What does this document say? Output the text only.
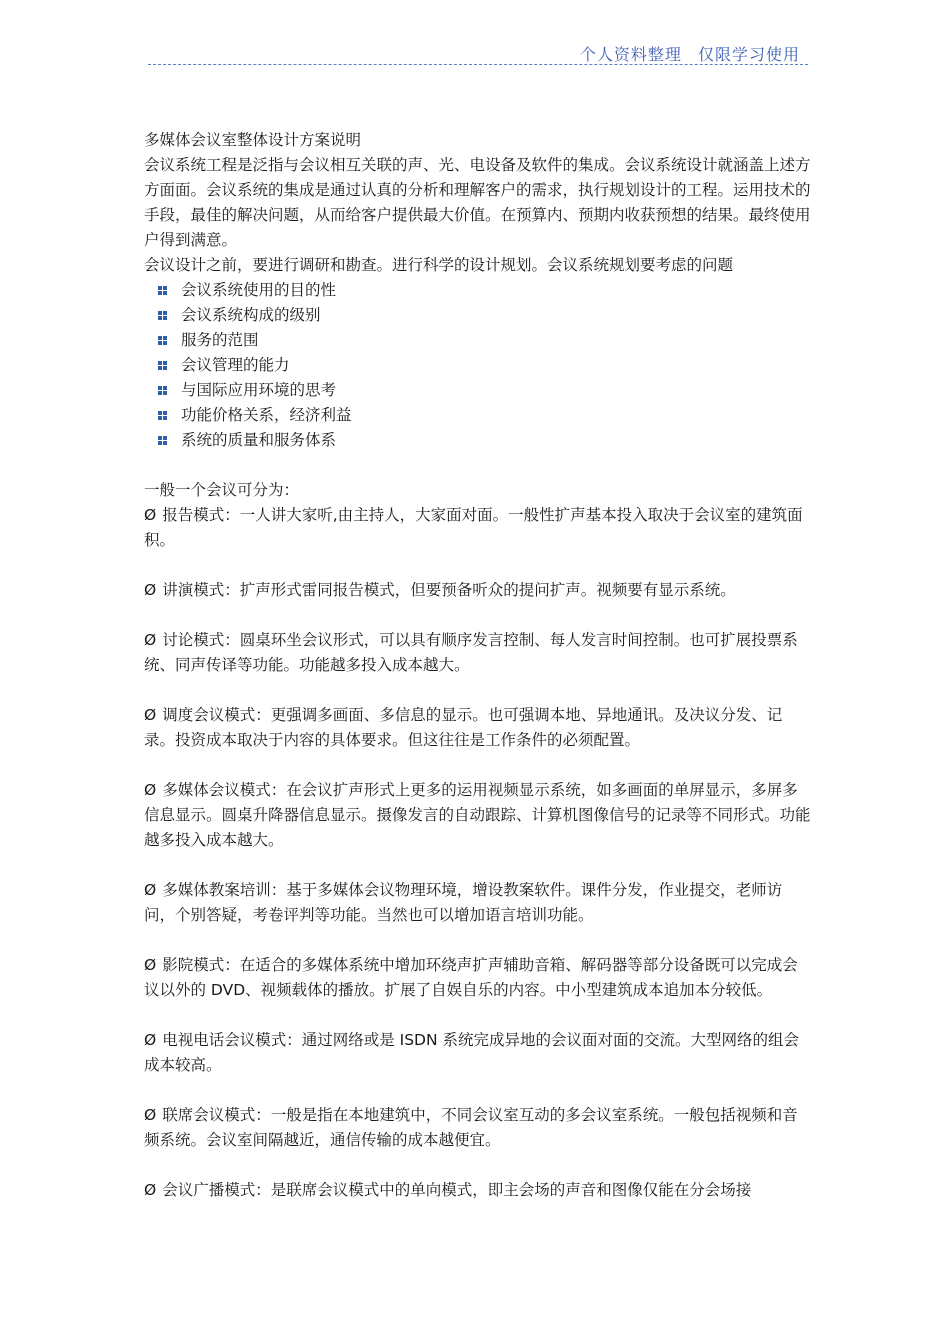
个人资料整理 仅限学习使用

多媒体会议室整体设计方案说明

会议系统工程是泛指与会议相互关联的声、光、电设备及软件的集成。会议系统设计就涵盖上述方方面面。会议系统的集成是通过认真的分析和理解客户的需求，执行规划设计的工程。运用技术的手段，最佳的解决问题，从而给客户提供最大价值。在预算内、预期内收获预想的结果。最终使用户得到满意。

会议设计之前，要进行调研和勘查。进行科学的设计规划。会议系统规划要考虑的问题

会议系统使用的目的性
会议系统构成的级别
服务的范围
会议管理的能力
与国际应用环境的思考
功能价格关系，经济利益
系统的质量和服务体系

一般一个会议可分为：

Ø 报告模式：一人讲大家听,由主持人，大家面对面。一般性扩声基本投入取决于会议室的建筑面积。

Ø 讲演模式：扩声形式雷同报告模式，但要预备听众的提问扩声。视频要有显示系统。

Ø 讨论模式：圆桌环坐会议形式，可以具有顺序发言控制、每人发言时间控制。也可扩展投票系统、同声传译等功能。功能越多投入成本越大。

Ø 调度会议模式：更强调多画面、多信息的显示。也可强调本地、异地通讯。及决议分发、记录。投资成本取决于内容的具体要求。但这往往是工作条件的必须配置。

Ø 多媒体会议模式：在会议扩声形式上更多的运用视频显示系统，如多画面的单屏显示，多屏多信息显示。圆桌升降器信息显示。摄像发言的自动跟踪、计算机图像信号的记录等不同形式。功能越多投入成本越大。

Ø 多媒体教案培训：基于多媒体会议物理环境，增设教案软件。课件分发，作业提交，老师访问，个别答疑，考卷评判等功能。当然也可以增加语言培训功能。

Ø 影院模式：在适合的多媒体系统中增加环绕声扩声辅助音箱、解码器等部分设备既可以完成会议以外的 DVD、视频载体的播放。扩展了自娱自乐的内容。中小型建筑成本追加本分较低。

Ø 电视电话会议模式：通过网络或是 ISDN 系统完成异地的会议面对面的交流。大型网络的组会成本较高。

Ø 联席会议模式：一般是指在本地建筑中，不同会议室互动的多会议室系统。一般包括视频和音频系统。会议室间隔越近，通信传输的成本越便宜。

Ø 会议广播模式：是联席会议模式中的单向模式，即主会场的声音和图像仅能在分会场接
